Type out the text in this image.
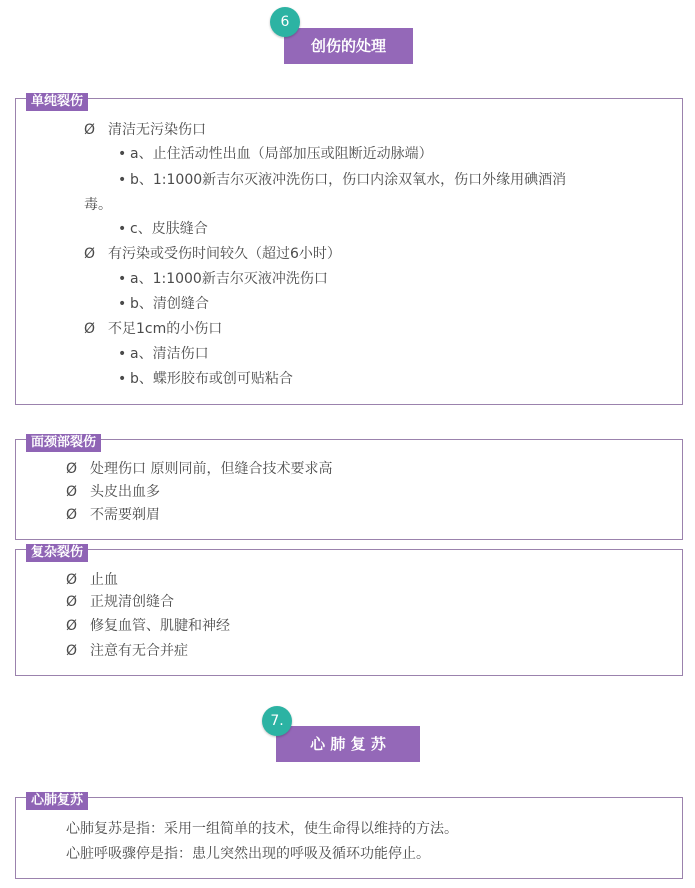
创伤的处理
6
单纯裂伤
Ø 清洁无污染伤口
• a、止住活动性出血（局部加压或阻断近动脉端）
• b、1:1000新吉尔灭液冲洗伤口，伤口内涂双氧水，伤口外缘用碘酒消
毒。
• c、皮肤缝合
Ø 有污染或受伤时间较久（超过6小时）
• a、1:1000新吉尔灭液冲洗伤口
• b、清创缝合
Ø 不足1cm的小伤口
• a、清洁伤口
• b、蝶形胶布或创可贴粘合
面颈部裂伤
Ø 处理伤口 原则同前，但缝合技术要求高
Ø 头皮出血多
Ø 不需要剃眉
复杂裂伤
Ø 止血
Ø 正规清创缝合
Ø 修复血管、肌腱和神经
Ø 注意有无合并症
心 肺 复 苏
7.
心肺复苏
心肺复苏是指：采用一组简单的技术，使生命得以维持的方法。
心脏呼吸骤停是指：患儿突然出现的呼吸及循环功能停止。
